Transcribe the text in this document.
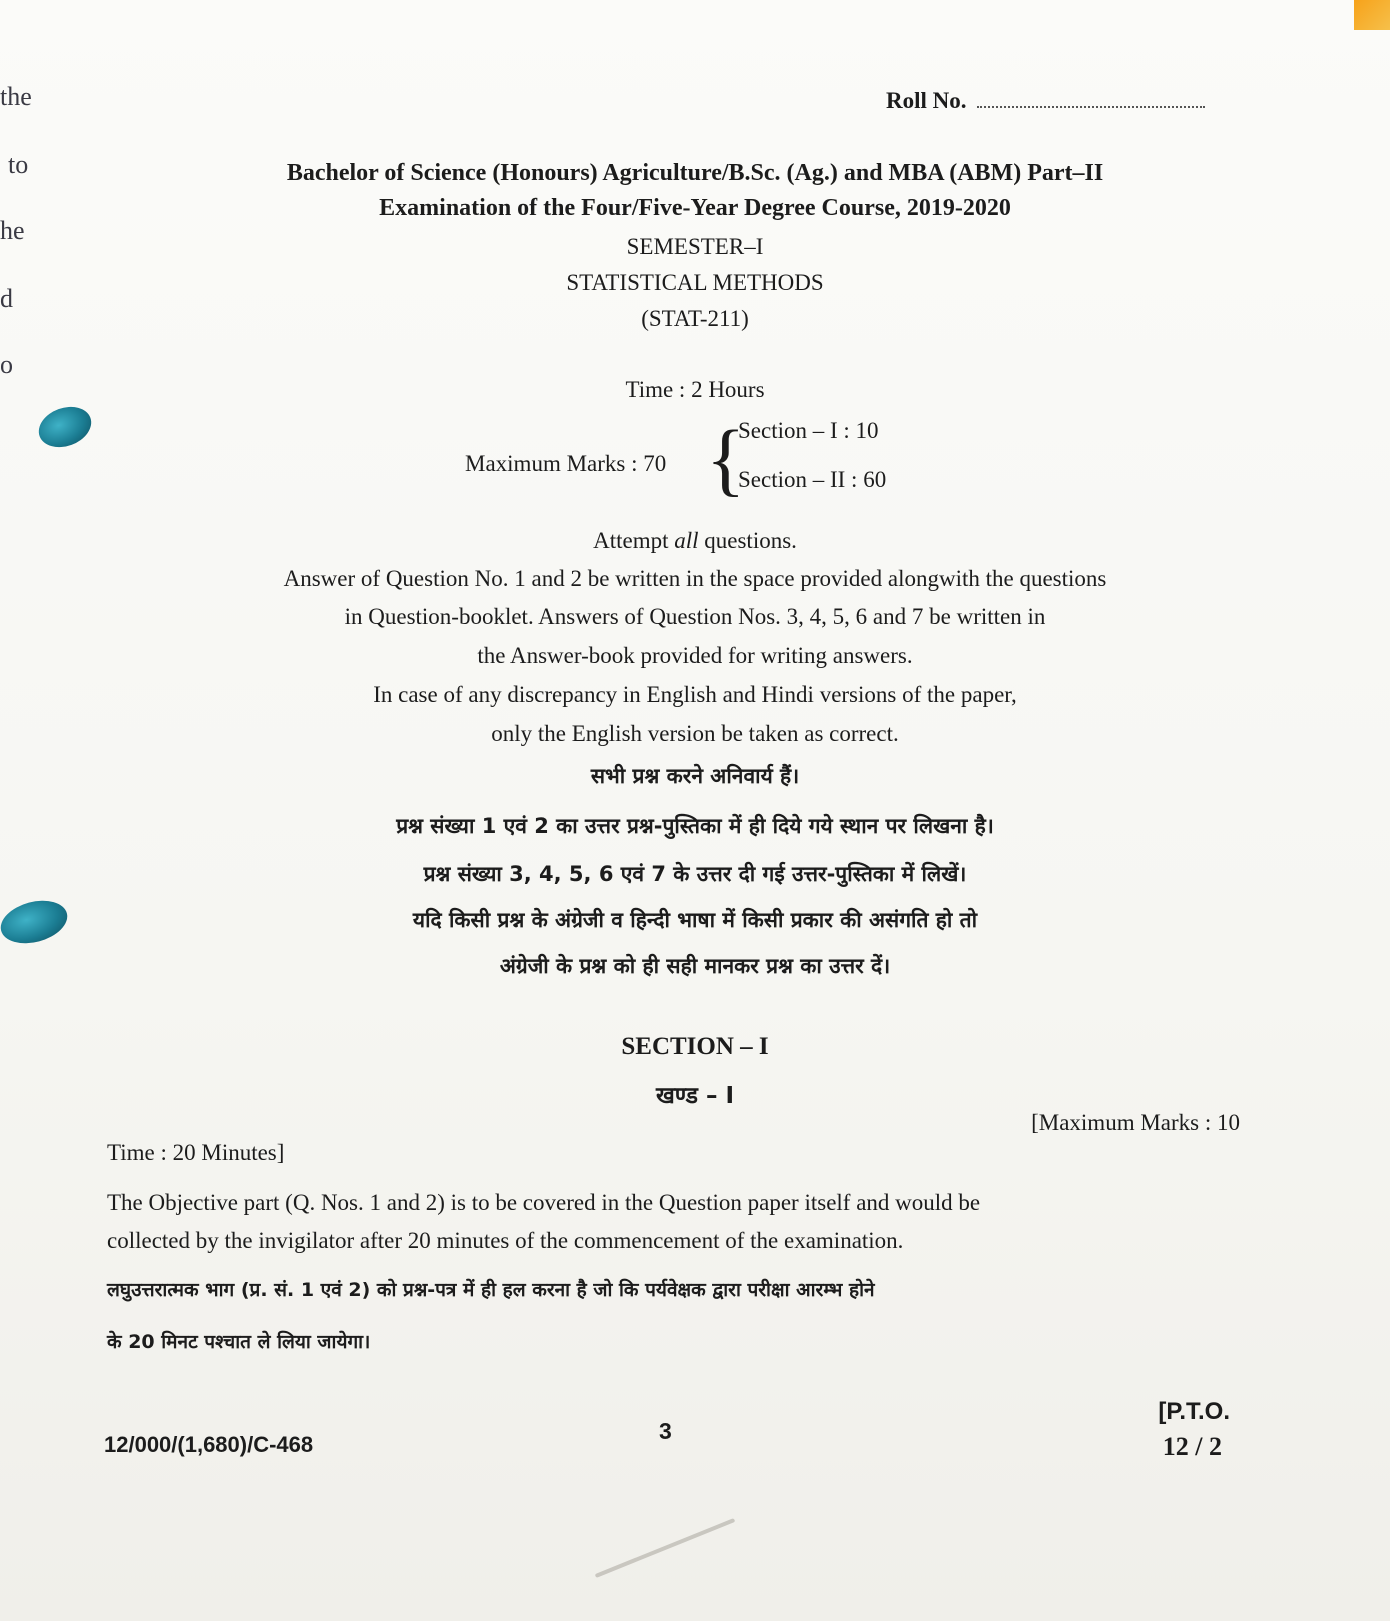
the
to
he
d
o
Roll No.
Bachelor of Science (Honours) Agriculture/B.Sc. (Ag.) and MBA (ABM) Part–II
Examination of the Four/Five-Year Degree Course, 2019-2020
SEMESTER–I
STATISTICAL METHODS
(STAT-211)
Time : 2 Hours
Maximum Marks : 70 {
Section – I : 10
Section – II : 60
Attempt all questions.
Answer of Question No. 1 and 2 be written in the space provided alongwith the questions
in Question-booklet. Answers of Question Nos. 3, 4, 5, 6 and 7 be written in
the Answer-book provided for writing answers.
In case of any discrepancy in English and Hindi versions of the paper,
only the English version be taken as correct.
सभी प्रश्न करने अनिवार्य हैं।
प्रश्न संख्या 1 एवं 2 का उत्तर प्रश्न-पुस्तिका में ही दिये गये स्थान पर लिखना है।
प्रश्न संख्या 3, 4, 5, 6 एवं 7 के उत्तर दी गई उत्तर-पुस्तिका में लिखें।
यदि किसी प्रश्न के अंग्रेजी व हिन्दी भाषा में किसी प्रकार की असंगति हो तो
अंग्रेजी के प्रश्न को ही सही मानकर प्रश्न का उत्तर दें।
SECTION – I
खण्ड – I
[Maximum Marks : 10
Time : 20 Minutes]
The Objective part (Q. Nos. 1 and 2) is to be covered in the Question paper itself and would be
collected by the invigilator after 20 minutes of the commencement of the examination.
लघुउत्तरात्मक भाग (प्र. सं. 1 एवं 2) को प्रश्न-पत्र में ही हल करना है जो कि पर्यवेक्षक द्वारा परीक्षा आरम्भ होने
के 20 मिनट पश्चात ले लिया जायेगा।
12/000/(1,680)/C-468
3
[P.T.O.
12 / 2
